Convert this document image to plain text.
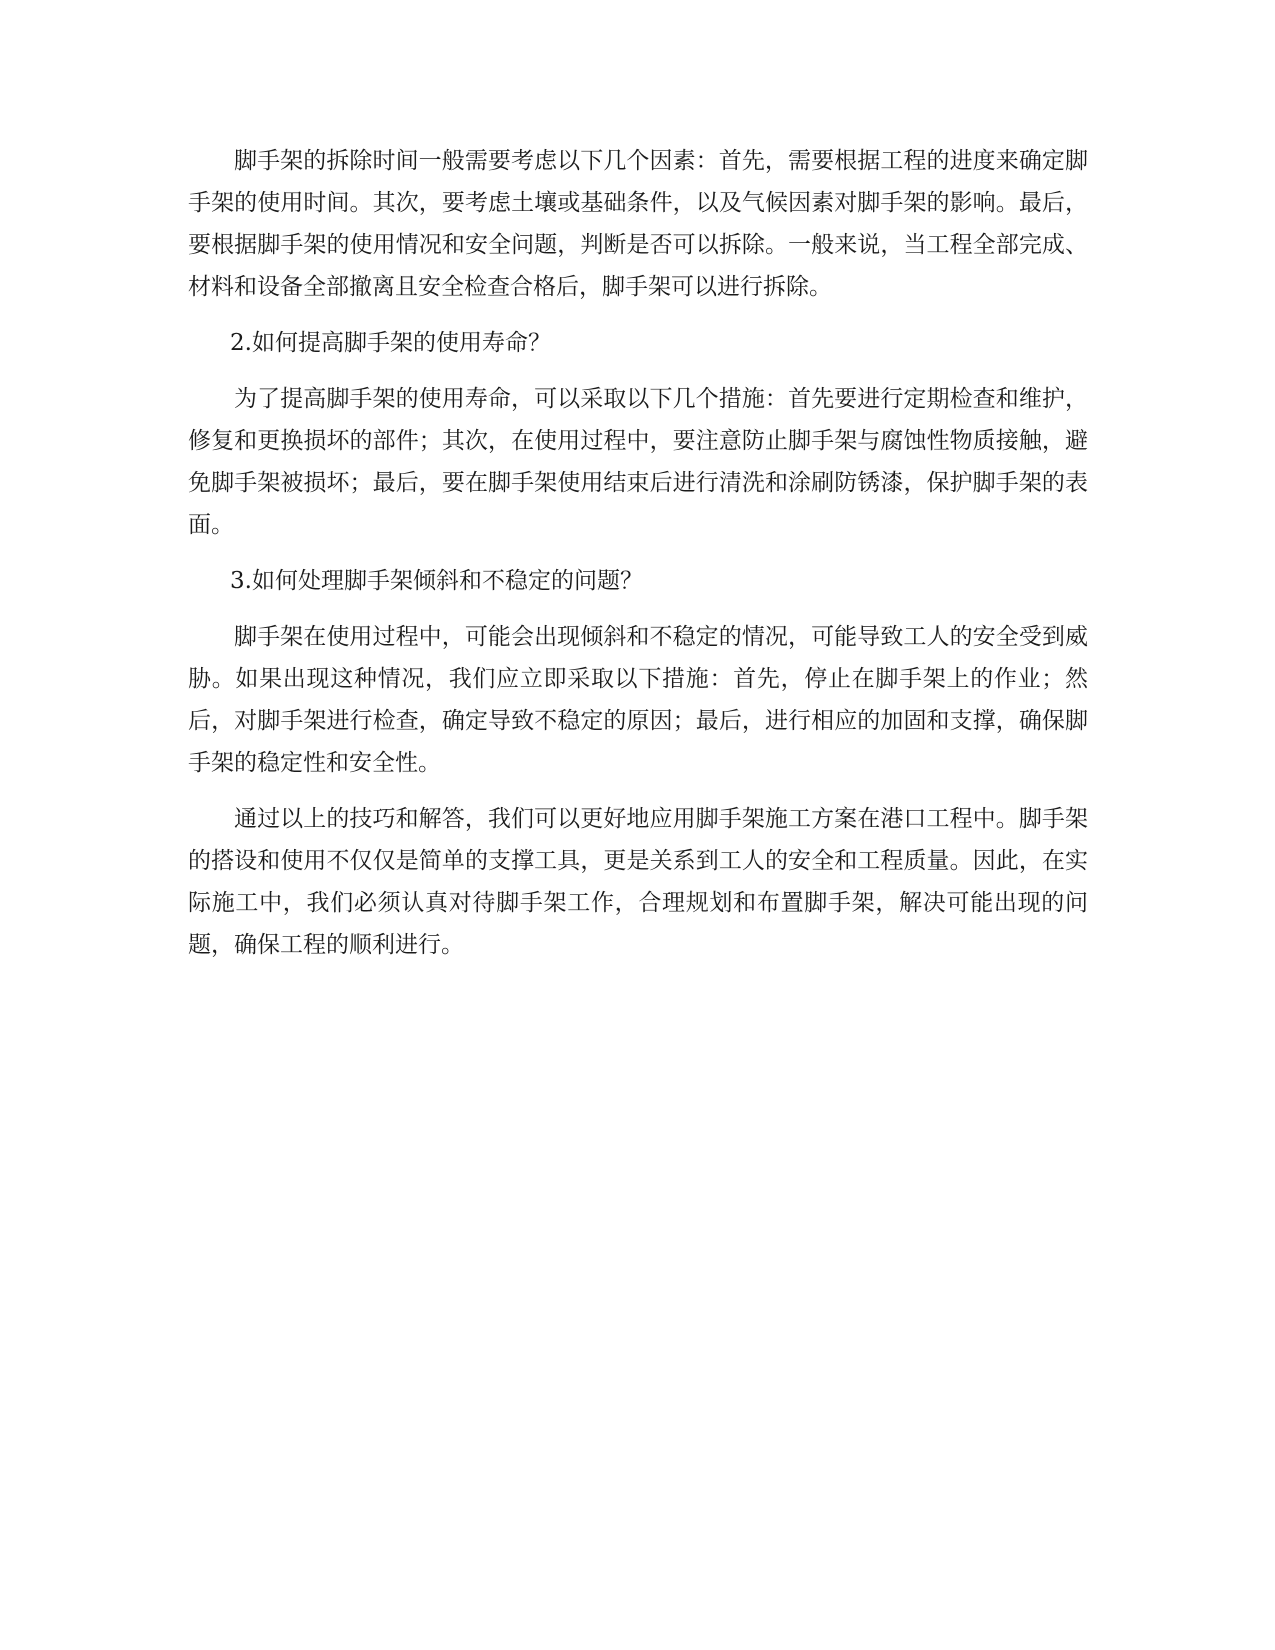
脚手架的拆除时间一般需要考虑以下几个因素：首先，需要根据工程的进度来确定脚手架的使用时间。其次，要考虑土壤或基础条件，以及气候因素对脚手架的影响。最后，要根据脚手架的使用情况和安全问题，判断是否可以拆除。一般来说，当工程全部完成、材料和设备全部撤离且安全检查合格后，脚手架可以进行拆除。

2.如何提高脚手架的使用寿命？

为了提高脚手架的使用寿命，可以采取以下几个措施：首先要进行定期检查和维护，修复和更换损坏的部件；其次，在使用过程中，要注意防止脚手架与腐蚀性物质接触，避免脚手架被损坏；最后，要在脚手架使用结束后进行清洗和涂刷防锈漆，保护脚手架的表面。

3.如何处理脚手架倾斜和不稳定的问题？

脚手架在使用过程中，可能会出现倾斜和不稳定的情况，可能导致工人的安全受到威胁。如果出现这种情况，我们应立即采取以下措施：首先，停止在脚手架上的作业；然后，对脚手架进行检查，确定导致不稳定的原因；最后，进行相应的加固和支撑，确保脚手架的稳定性和安全性。

通过以上的技巧和解答，我们可以更好地应用脚手架施工方案在港口工程中。脚手架的搭设和使用不仅仅是简单的支撑工具，更是关系到工人的安全和工程质量。因此，在实际施工中，我们必须认真对待脚手架工作，合理规划和布置脚手架，解决可能出现的问题，确保工程的顺利进行。
